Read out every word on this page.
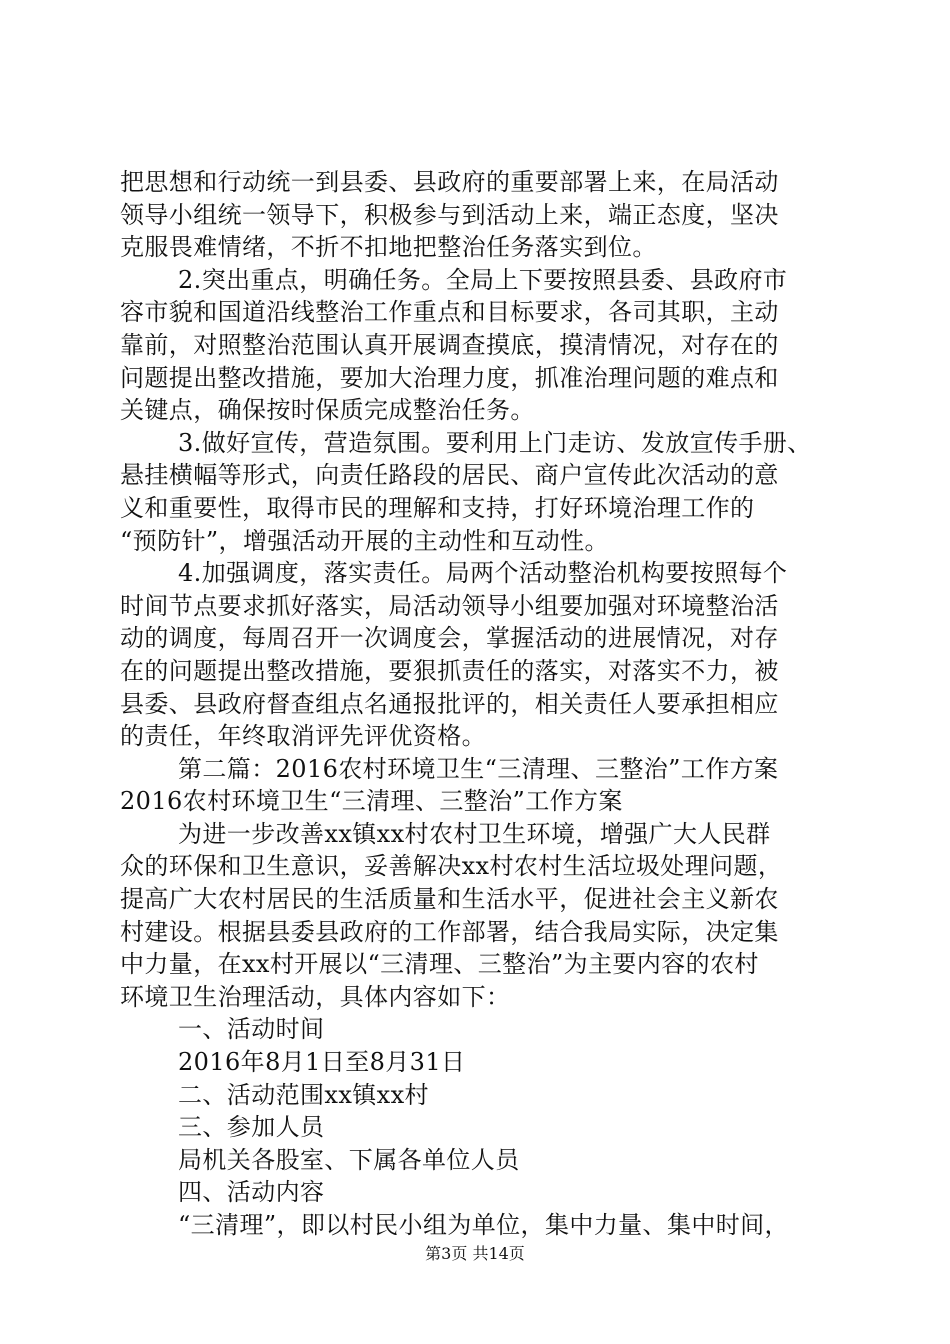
把思想和行动统一到县委、县政府的重要部署上来，在局活动
领导小组统一领导下，积极参与到活动上来，端正态度，坚决
克服畏难情绪，不折不扣地把整治任务落实到位。
2.突出重点，明确任务。全局上下要按照县委、县政府市
容市貌和国道沿线整治工作重点和目标要求，各司其职，主动
靠前，对照整治范围认真开展调查摸底，摸清情况，对存在的
问题提出整改措施，要加大治理力度，抓准治理问题的难点和
关键点，确保按时保质完成整治任务。
3.做好宣传，营造氛围。要利用上门走访、发放宣传手册、
悬挂横幅等形式，向责任路段的居民、商户宣传此次活动的意
义和重要性，取得市民的理解和支持，打好环境治理工作的
“预防针”，增强活动开展的主动性和互动性。
4.加强调度，落实责任。局两个活动整治机构要按照每个
时间节点要求抓好落实，局活动领导小组要加强对环境整治活
动的调度，每周召开一次调度会，掌握活动的进展情况，对存
在的问题提出整改措施，要狠抓责任的落实，对落实不力，被
县委、县政府督查组点名通报批评的，相关责任人要承担相应
的责任，年终取消评先评优资格。
第二篇：2016农村环境卫生“三清理、三整治”工作方案
2016农村环境卫生“三清理、三整治”工作方案
为进一步改善xx镇xx村农村卫生环境，增强广大人民群
众的环保和卫生意识，妥善解决xx村农村生活垃圾处理问题，
提高广大农村居民的生活质量和生活水平，促进社会主义新农
村建设。根据县委县政府的工作部署，结合我局实际，决定集
中力量，在xx村开展以“三清理、三整治”为主要内容的农村
环境卫生治理活动，具体内容如下：
一、活动时间
2016年8月1日至8月31日
二、活动范围xx镇xx村
三、参加人员
局机关各股室、下属各单位人员
四、活动内容
“三清理”，即以村民小组为单位，集中力量、集中时间，
第3页 共14页
